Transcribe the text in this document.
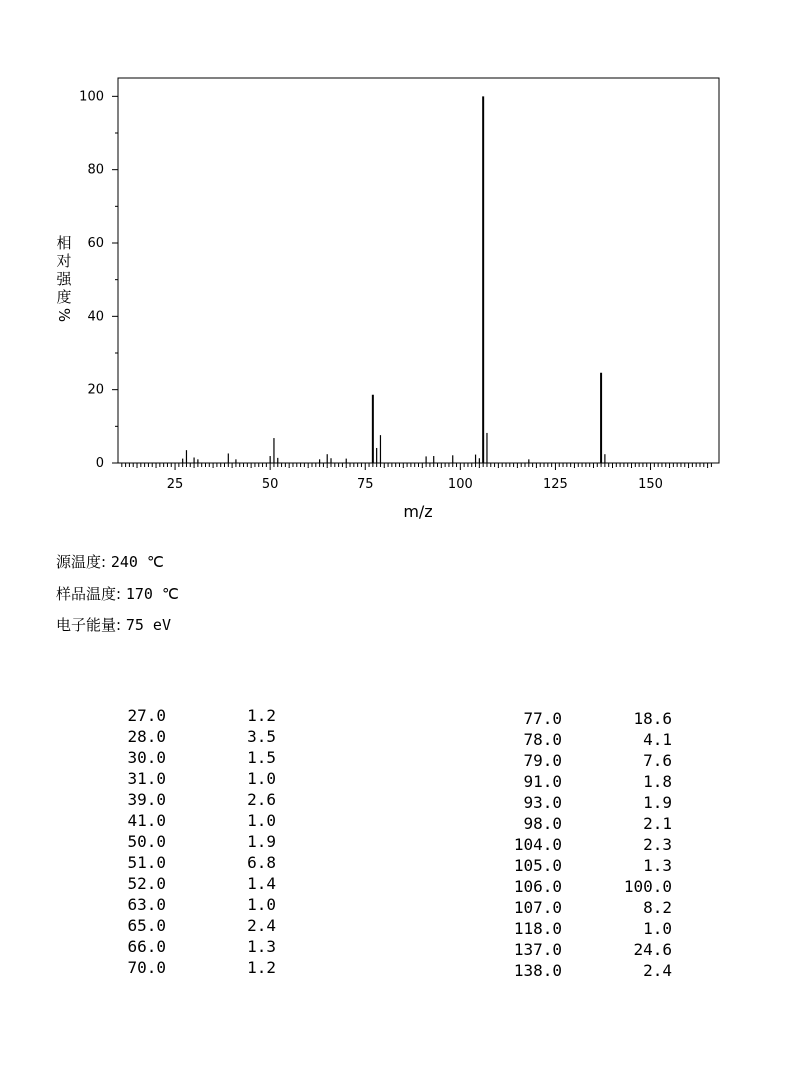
0
20
40
60
80
100
25	50	75	100	125	150
m/z
相
对
强
度
%
源温度: 240 ℃
样品温度: 170 ℃
电子能量: 75 eV
27.0	1.2
28.0	3.5
30.0	1.5
31.0	1.0
39.0	2.6
41.0	1.0
50.0	1.9
51.0	6.8
52.0	1.4
63.0	1.0
65.0	2.4
66.0	1.3
70.0	1.2
77.0	18.6
78.0	4.1
79.0	7.6
91.0	1.8
93.0	1.9
98.0	2.1
104.0	2.3
105.0	1.3
106.0	100.0
107.0	8.2
118.0	1.0
137.0	24.6
138.0	2.4
